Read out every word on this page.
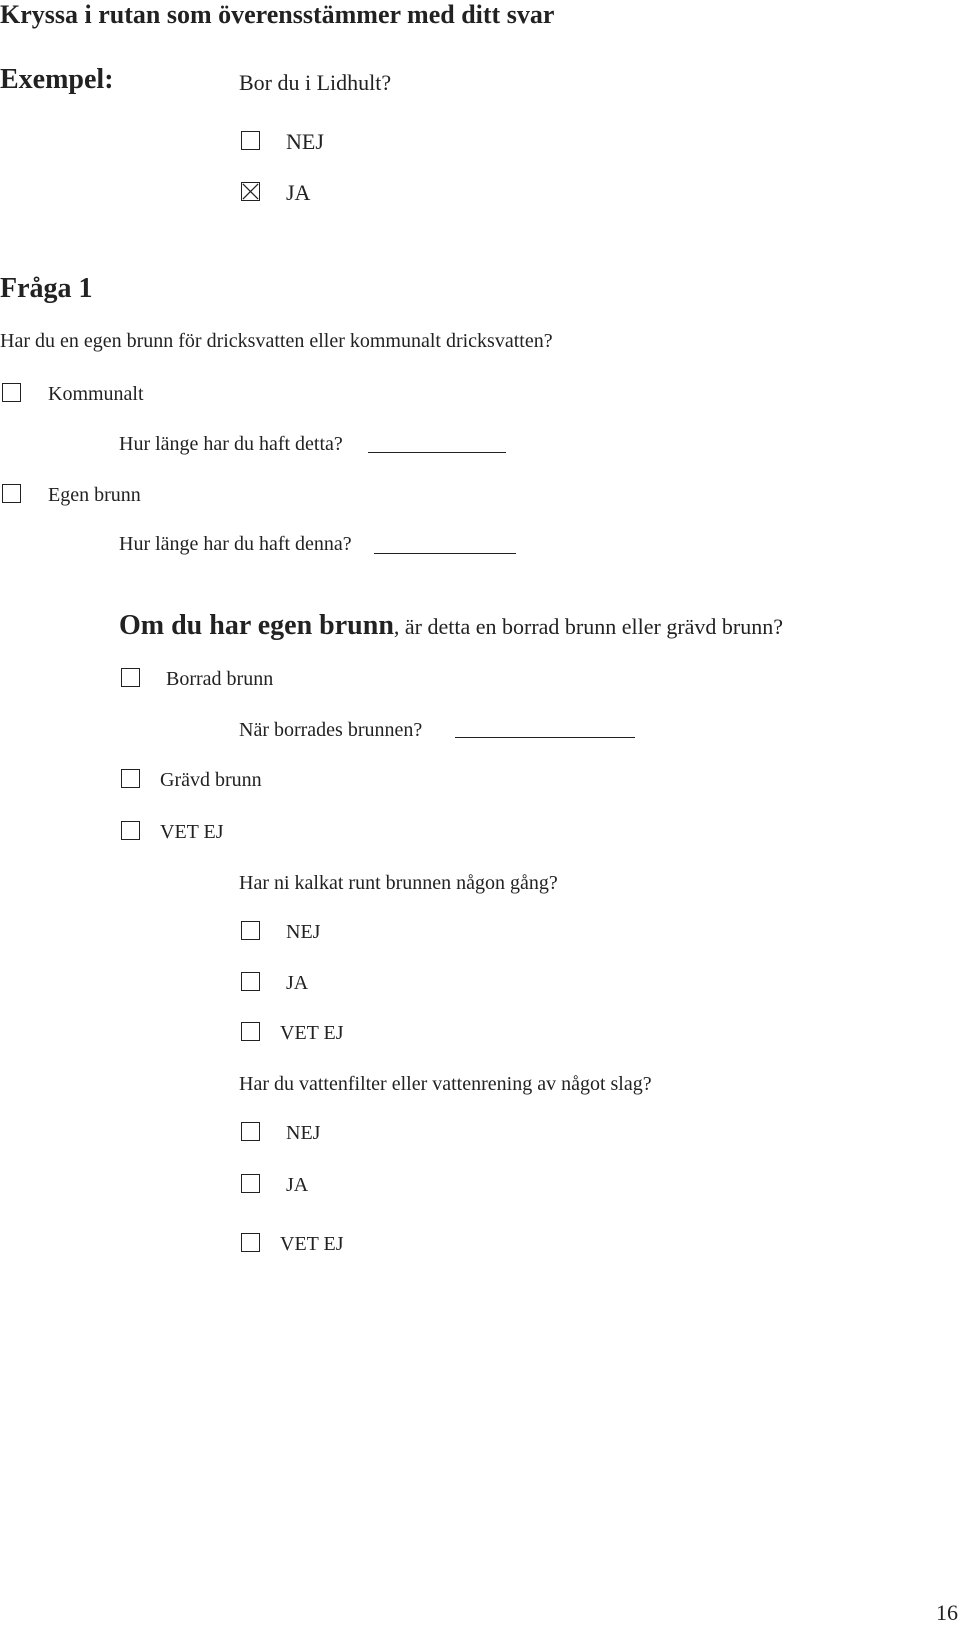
Kryssa i rutan som överensstämmer med ditt svar
Exempel:	Bor du i Lidhult?
NEJ
JA
Fråga 1
Har du en egen brunn för dricksvatten eller kommunalt dricksvatten?
Kommunalt
Hur länge har du haft detta?
Egen brunn
Hur länge har du haft denna?
Om du har egen brunn, är detta en borrad brunn eller grävd brunn?
Borrad brunn
När borrades brunnen?
Grävd brunn
VET EJ
Har ni kalkat runt brunnen någon gång?
NEJ
JA
VET EJ
Har du vattenfilter eller vattenrening av något slag?
NEJ
JA
VET EJ
16
